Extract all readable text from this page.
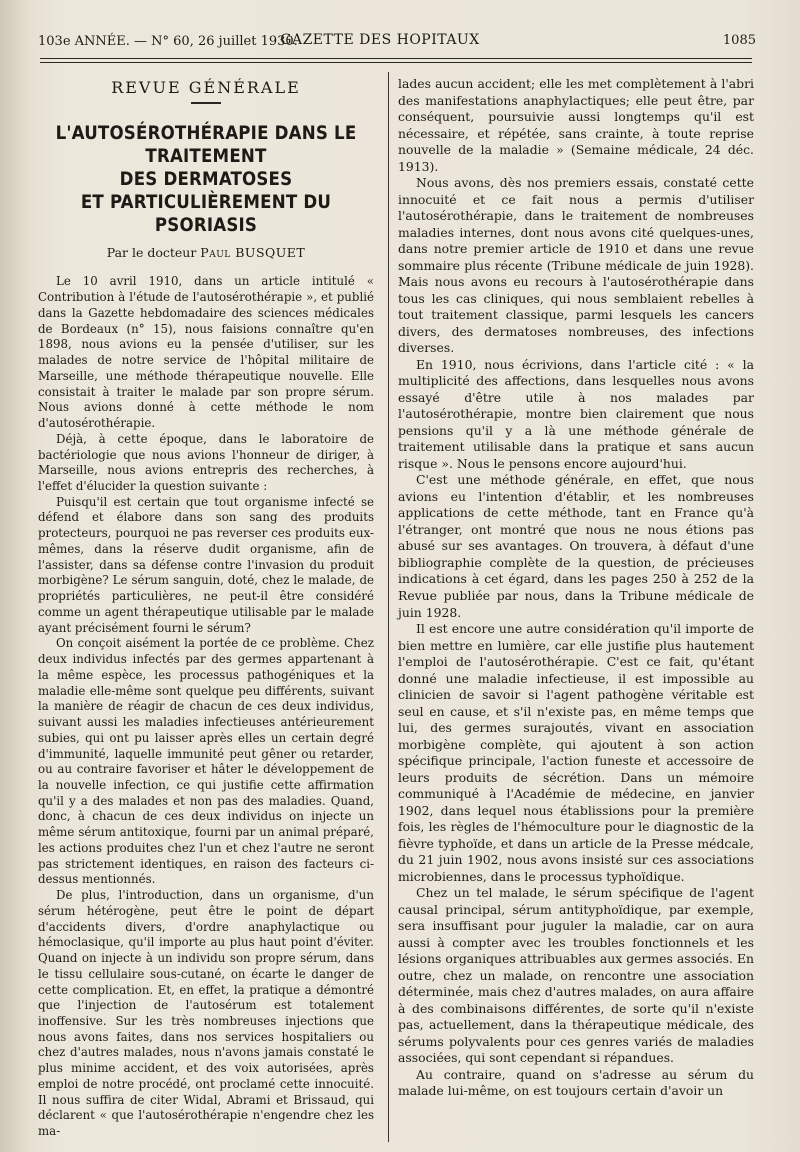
103e ANNÉE. — N° 60, 26 juillet 1930.
GAZETTE DES HOPITAUX	1085
REVUE GÉNÉRALE
L'AUTOSÉROTHÉRAPIE DANS LE TRAITEMENT
DES DERMATOSES
ET PARTICULIÈREMENT DU PSORIASIS
Par le docteur Paul BUSQUET

Le 10 avril 1910, dans un article intitulé « Contribution à l'étude de l'autosérothérapie », et publié dans la Gazette hebdomadaire des sciences médicales de Bordeaux (n° 15), nous faisions connaître qu'en 1898, nous avions eu la pensée d'utiliser, sur les malades de notre service de l'hôpital militaire de Marseille, une méthode thérapeutique nouvelle. Elle consistait à traiter le malade par son propre sérum. Nous avions donné à cette méthode le nom d'autosérothérapie.

Déjà, à cette époque, dans le laboratoire de bactériologie que nous avions l'honneur de diriger, à Marseille, nous avions entrepris des recherches, à l'effet d'élucider la question suivante :

Puisqu'il est certain que tout organisme infecté se défend et élabore dans son sang des produits protecteurs, pourquoi ne pas reverser ces produits eux-mêmes, dans la réserve dudit organisme, afin de l'assister, dans sa défense contre l'invasion du produit morbigène? Le sérum sanguin, doté, chez le malade, de propriétés particulières, ne peut-il être considéré comme un agent thérapeutique utilisable par le malade ayant précisément fourni le sérum?

On conçoit aisément la portée de ce problème. Chez deux individus infectés par des germes appartenant à la même espèce, les processus pathogéniques et la maladie elle-même sont quelque peu différents, suivant la manière de réagir de chacun de ces deux individus, suivant aussi les maladies infectieuses antérieurement subies, qui ont pu laisser après elles un certain degré d'immunité, laquelle immunité peut gêner ou retarder, ou au contraire favoriser et hâter le développement de la nouvelle infection, ce qui justifie cette affirmation qu'il y a des malades et non pas des maladies. Quand, donc, à chacun de ces deux individus on injecte un même sérum antitoxique, fourni par un animal préparé, les actions produites chez l'un et chez l'autre ne seront pas strictement identiques, en raison des facteurs ci-dessus mentionnés.

De plus, l'introduction, dans un organisme, d'un sérum hétérogène, peut être le point de départ d'accidents divers, d'ordre anaphylactique ou hémoclasique, qu'il importe au plus haut point d'éviter. Quand on injecte à un individu son propre sérum, dans le tissu cellulaire sous-cutané, on écarte le danger de cette complication. Et, en effet, la pratique a démontré que l'injection de l'autosérum est totalement inoffensive. Sur les très nombreuses injections que nous avons faites, dans nos services hospitaliers ou chez d'autres malades, nous n'avons jamais constaté le plus minime accident, et des voix autorisées, après emploi de notre procédé, ont proclamé cette innocuité. Il nous suffira de citer Widal, Abrami et Brissaud, qui déclarent « que l'autosérothérapie n'engendre chez les ma-

lades aucun accident; elle les met complètement à l'abri des manifestations anaphylactiques; elle peut être, par conséquent, poursuivie aussi longtemps qu'il est nécessaire, et répétée, sans crainte, à toute reprise nouvelle de la maladie » (Semaine médicale, 24 déc. 1913).

Nous avons, dès nos premiers essais, constaté cette innocuité et ce fait nous a permis d'utiliser l'autosérothérapie, dans le traitement de nombreuses maladies internes, dont nous avons cité quelques-unes, dans notre premier article de 1910 et dans une revue sommaire plus récente (Tribune médicale de juin 1928). Mais nous avons eu recours à l'autosérothérapie dans tous les cas cliniques, qui nous semblaient rebelles à tout traitement classique, parmi lesquels les cancers divers, des dermatoses nombreuses, des infections diverses.

En 1910, nous écrivions, dans l'article cité : « la multiplicité des affections, dans lesquelles nous avons essayé d'être utile à nos malades par l'autosérothérapie, montre bien clairement que nous pensions qu'il y a là une méthode générale de traitement utilisable dans la pratique et sans aucun risque ». Nous le pensons encore aujourd'hui.

C'est une méthode générale, en effet, que nous avions eu l'intention d'établir, et les nombreuses applications de cette méthode, tant en France qu'à l'étranger, ont montré que nous ne nous étions pas abusé sur ses avantages. On trouvera, à défaut d'une bibliographie complète de la question, de précieuses indications à cet égard, dans les pages 250 à 252 de la Revue publiée par nous, dans la Tribune médicale de juin 1928.

Il est encore une autre considération qu'il importe de bien mettre en lumière, car elle justifie plus hautement l'emploi de l'autosérothérapie. C'est ce fait, qu'étant donné une maladie infectieuse, il est impossible au clinicien de savoir si l'agent pathogène véritable est seul en cause, et s'il n'existe pas, en même temps que lui, des germes surajoutés, vivant en association morbigène complète, qui ajoutent à son action spécifique principale, l'action funeste et accessoire de leurs produits de sécrétion. Dans un mémoire communiqué à l'Académie de médecine, en janvier 1902, dans lequel nous établissions pour la première fois, les règles de l'hémoculture pour le diagnostic de la fièvre typhoïde, et dans un article de la Presse médcale, du 21 juin 1902, nous avons insisté sur ces associations microbiennes, dans le processus typhoïdique.

Chez un tel malade, le sérum spécifique de l'agent causal principal, sérum antityphoïdique, par exemple, sera insuffisant pour juguler la maladie, car on aura aussi à compter avec les troubles fonctionnels et les lésions organiques attribuables aux germes associés. En outre, chez un malade, on rencontre une association déterminée, mais chez d'autres malades, on aura affaire à des combinaisons différentes, de sorte qu'il n'existe pas, actuellement, dans la thérapeutique médicale, des sérums polyvalents pour ces genres variés de maladies associées, qui sont cependant si répandues.

Au contraire, quand on s'adresse au sérum du malade lui-même, on est toujours certain d'avoir un
